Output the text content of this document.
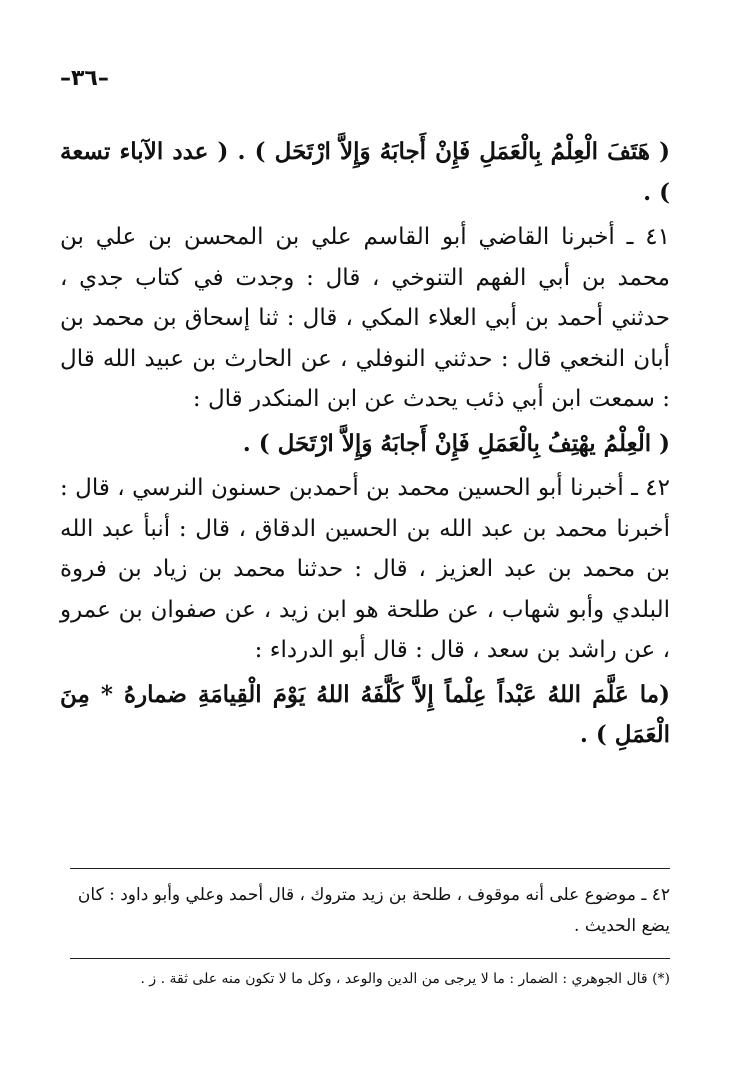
–٣٦–

( هَتَفَ الْعِلْمُ بِالْعَمَلِ فَإِنْ أَجابَهُ وَإِلاَّ ارْتَحَل ) . ( عدد الآباء تسعة ) .

٤١ ـ أخبرنا القاضي أبو القاسم علي بن المحسن بن علي بن محمد بن أبي الفهم التنوخي ، قال : وجدت في كتاب جدي ، حدثني أحمد بن أبي العلاء المكي ، قال : ثنا إسحاق بن محمد بن أبان النخعي قال : حدثني النوفلي ، عن الحارث بن عبيد الله قال : سمعت ابن أبي ذئب يحدث عن ابن المنكدر قال :

( الْعِلْمُ يهْتِفُ بِالْعَمَلِ فَإِنْ أَجابَهُ وَإِلاَّ ارْتَحَل ) .

٤٢ ـ أخبرنا أبو الحسين محمد بن أحمدبن حسنون النرسي ، قال : أخبرنا محمد بن عبد الله بن الحسين الدقاق ، قال : أنبأ عبد الله بن محمد بن عبد العزيز ، قال : حدثنا محمد بن زياد بن فروة البلدي وأبو شهاب ، عن طلحة هو ابن زيد ، عن صفوان بن عمرو ، عن راشد بن سعد ، قال : قال أبو الدرداء :

(ما عَلَّمَ اللهُ عَبْداً عِلْماً إِلاَّ كَلَّفَهُ اللهُ يَوْمَ الْقِيامَةِ ضمارهُ * مِنَ الْعَمَلِ ) .

٤٢ ـ موضوع على أنه موقوف ، طلحة بن زيد متروك ، قال أحمد وعلي وأبو داود : كان يضع الحديث .
(*) قال الجوهري : الضمار : ما لا يرجى من الدين والوعد ، وكل ما لا تكون منه على ثقة . ز .
